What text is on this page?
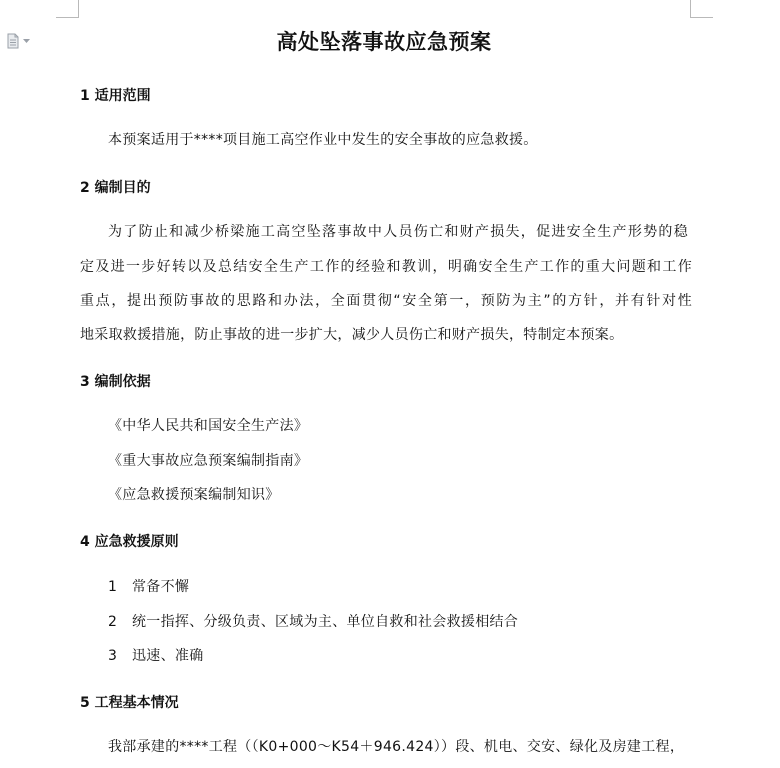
高处坠落事故应急预案
1 适用范围
本预案适用于****项目施工高空作业中发生的安全事故的应急救援。
2 编制目的
为了防止和减少桥梁施工高空坠落事故中人员伤亡和财产损失，促进安全生产形势的稳
定及进一步好转以及总结安全生产工作的经验和教训，明确安全生产工作的重大问题和工作
重点，提出预防事故的思路和办法，全面贯彻“安全第一，预防为主”的方针，并有针对性
地采取救援措施，防止事故的进一步扩大，减少人员伤亡和财产损失，特制定本预案。
3 编制依据
《中华人民共和国安全生产法》
《重大事故应急预案编制指南》
《应急救援预案编制知识》
4 应急救援原则
1 常备不懈
2 统一指挥、分级负责、区域为主、单位自救和社会救援相结合
3 迅速、准确
5 工程基本情况
我部承建的****工程（（K0+000～K54＋946.424））段、机电、交安、绿化及房建工程，
